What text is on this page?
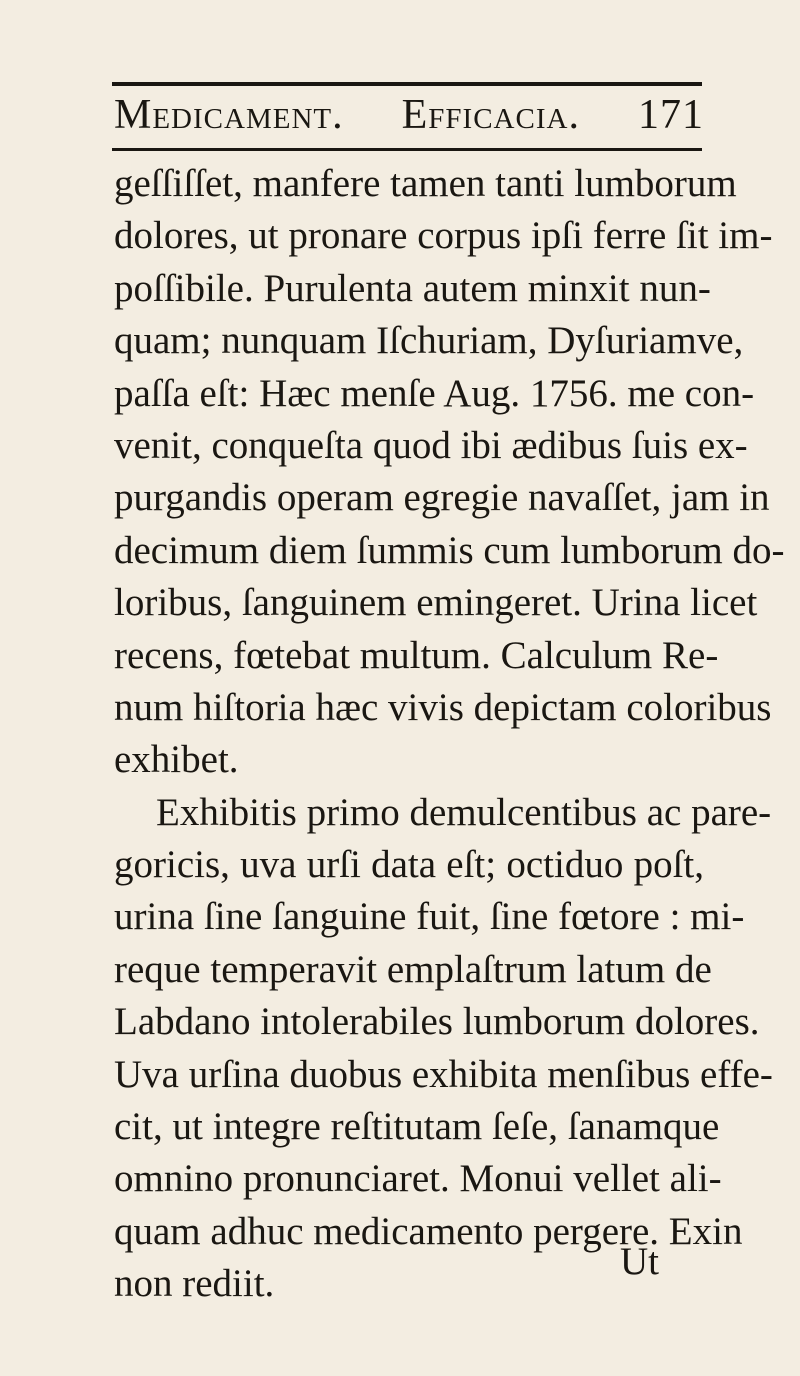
Medicament. Efficacia. 171
geſſiſſet, manfere tamen tanti lumborum
dolores, ut pronare corpus ipſi ferre ſit im-
poſſibile. Purulenta autem minxit nun-
quam; nunquam Iſchuriam, Dyſuriamve,
paſſa eſt: Hæc menſe Aug. 1756. me con-
venit, conqueſta quod ibi ædibus ſuis ex-
purgandis operam egregie navaſſet, jam in
decimum diem ſummis cum lumborum do-
loribus, ſanguinem emingeret. Urina licet
recens, fœtebat multum. Calculum Re-
num hiſtoria hæc vivis depictam coloribus
exhibet.
Exhibitis primo demulcentibus ac pare-
goricis, uva urſi data eſt; octiduo poſt,
urina ſine ſanguine fuit, ſine fœtore : mi-
reque temperavit emplaſtrum latum de
Labdano intolerabiles lumborum dolores.
Uva urſina duobus exhibita menſibus effe-
cit, ut integre reſtitutam ſeſe, ſanamque
omnino pronunciaret. Monui vellet ali-
quam adhuc medicamento pergere. Exin
non rediit.
Ut
